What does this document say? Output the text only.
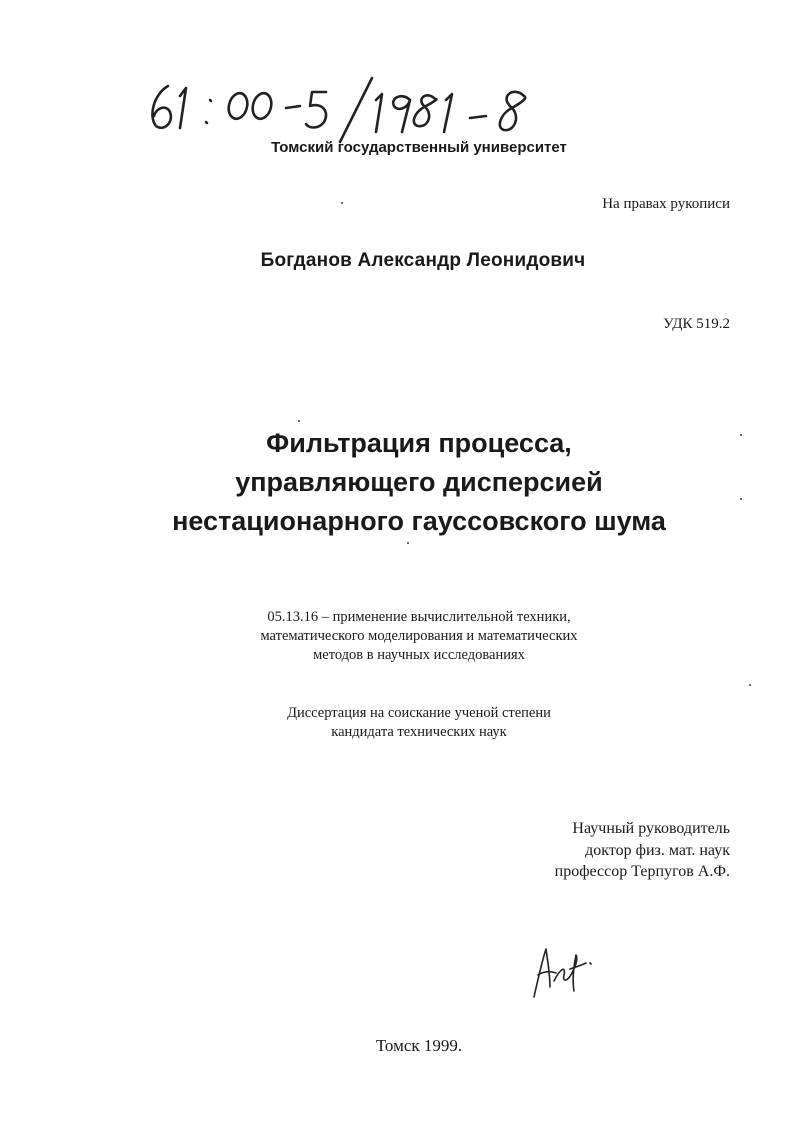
Томский государственный университет
На правах рукописи
Богданов Александр Леонидович
УДК 519.2
Фильтрация процесса,
управляющего дисперсией
нестационарного гауссовского шума
05.13.16 – применение вычислительной техники,
математического моделирования и математических
методов в научных исследованиях
Диссертация на соискание ученой степени
кандидата технических наук
Научный руководитель
доктор физ. мат. наук
профессор Терпугов А.Ф.
Томск 1999.
